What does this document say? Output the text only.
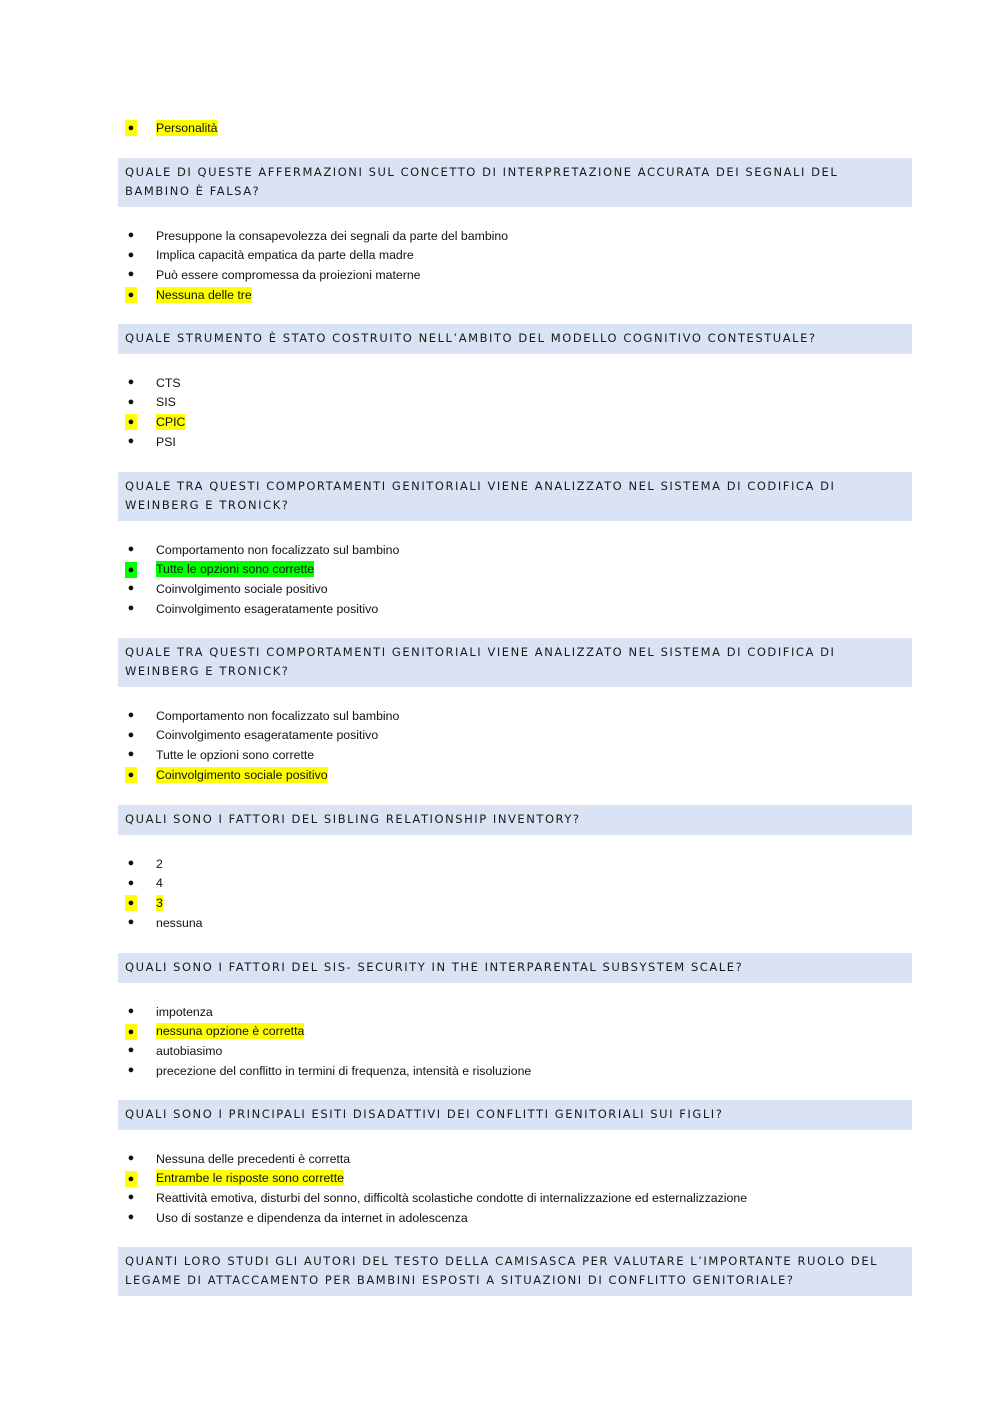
● Personalità
QUALE DI QUESTE AFFERMAZIONI SUL CONCETTO DI INTERPRETAZIONE ACCURATA DEI SEGNALI DEL BAMBINO È FALSA?
● Presuppone la consapevolezza dei segnali da parte del bambino
● Implica capacità empatica da parte della madre
● Può essere compromessa da proiezioni materne
● Nessuna delle tre
QUALE STRUMENTO È STATO COSTRUITO NELL’AMBITO DEL MODELLO COGNITIVO CONTESTUALE?
● CTS
● SIS
● CPIC
● PSI
QUALE TRA QUESTI COMPORTAMENTI GENITORIALI VIENE ANALIZZATO NEL SISTEMA DI CODIFICA DI WEINBERG E TRONICK?
● Comportamento non focalizzato sul bambino
● Tutte le opzioni sono corrette
● Coinvolgimento sociale positivo
● Coinvolgimento esageratamente positivo
QUALE TRA QUESTI COMPORTAMENTI GENITORIALI VIENE ANALIZZATO NEL SISTEMA DI CODIFICA DI WEINBERG E TRONICK?
● Comportamento non focalizzato sul bambino
● Coinvolgimento esageratamente positivo
● Tutte le opzioni sono corrette
● Coinvolgimento sociale positivo
QUALI SONO I FATTORI DEL SIBLING RELATIONSHIP INVENTORY?
● 2
● 4
● 3
● nessuna
QUALI SONO I FATTORI DEL SIS- SECURITY IN THE INTERPARENTAL SUBSYSTEM SCALE?
● impotenza
● nessuna opzione è corretta
● autobiasimo
● precezione del conflitto in termini di frequenza, intensità e risoluzione
QUALI SONO I PRINCIPALI ESITI DISADATTIVI DEI CONFLITTI GENITORIALI SUI FIGLI?
● Nessuna delle precedenti è corretta
● Entrambe le risposte sono corrette
● Reattività emotiva, disturbi del sonno, difficoltà scolastiche condotte di internalizzazione ed esternalizzazione
● Uso di sostanze e dipendenza da internet in adolescenza
QUANTI LORO STUDI GLI AUTORI DEL TESTO DELLA CAMISASCA PER VALUTARE L’IMPORTANTE RUOLO DEL LEGAME DI ATTACCAMENTO PER BAMBINI ESPOSTI A SITUAZIONI DI CONFLITTO GENITORIALE?
